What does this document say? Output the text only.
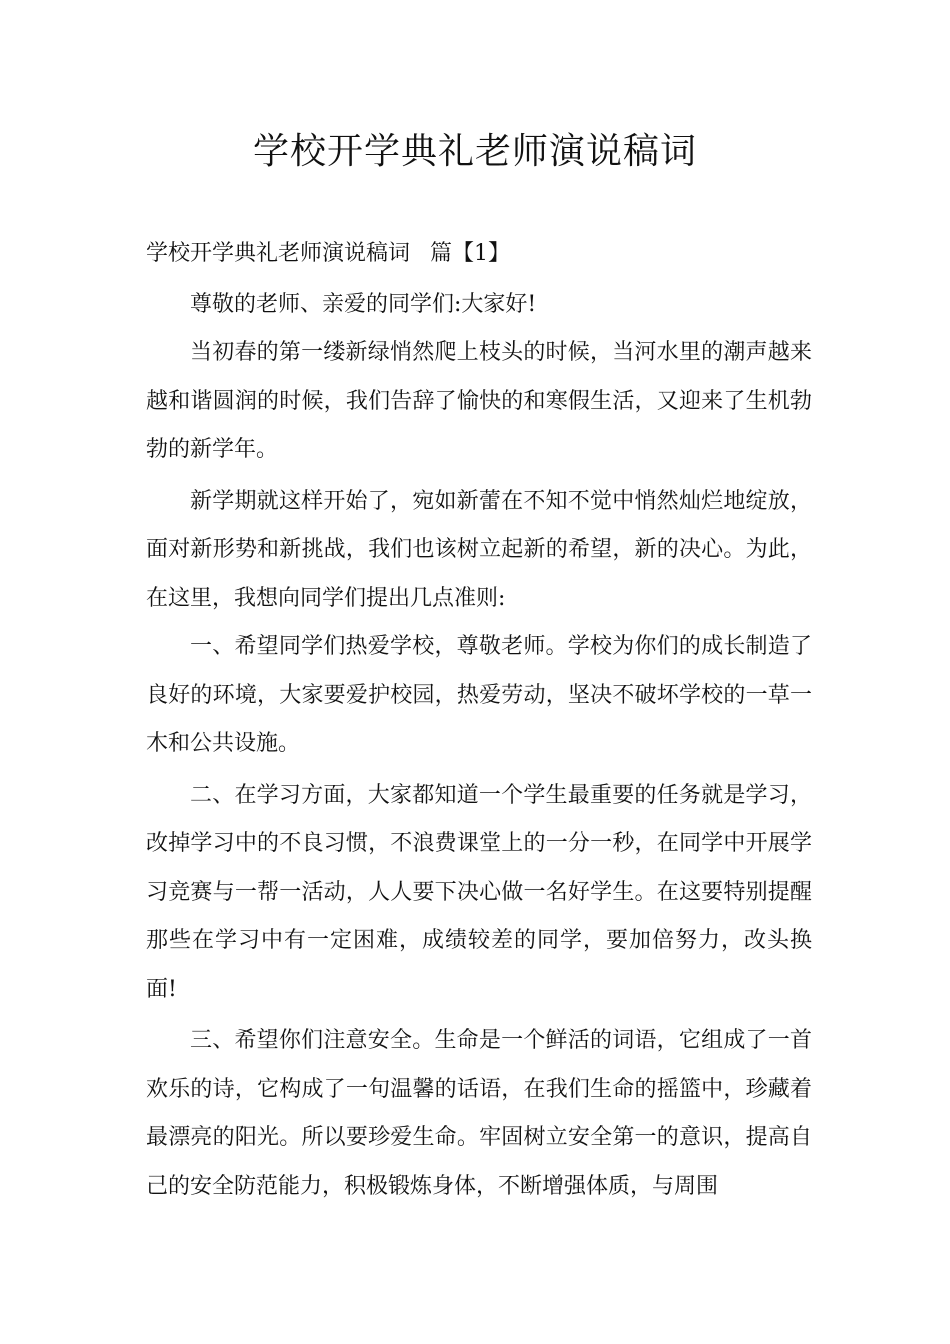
学校开学典礼老师演说稿词

学校开学典礼老师演说稿词 篇【1】

尊敬的老师、亲爱的同学们:大家好!

当初春的第一缕新绿悄然爬上枝头的时候，当河水里的潮声越来越和谐圆润的时候，我们告辞了愉快的和寒假生活，又迎来了生机勃勃的新学年。

新学期就这样开始了，宛如新蕾在不知不觉中悄然灿烂地绽放，面对新形势和新挑战，我们也该树立起新的希望，新的决心。为此，在这里，我想向同学们提出几点准则:

一、希望同学们热爱学校，尊敬老师。学校为你们的成长制造了良好的环境，大家要爱护校园，热爱劳动，坚决不破坏学校的一草一木和公共设施。

二、在学习方面，大家都知道一个学生最重要的任务就是学习，改掉学习中的不良习惯，不浪费课堂上的一分一秒，在同学中开展学习竞赛与一帮一活动，人人要下决心做一名好学生。在这要特别提醒那些在学习中有一定困难，成绩较差的同学，要加倍努力，改头换面!

三、希望你们注意安全。生命是一个鲜活的词语，它组成了一首欢乐的诗，它构成了一句温馨的话语，在我们生命的摇篮中，珍藏着最漂亮的阳光。所以要珍爱生命。牢固树立安全第一的意识，提高自己的安全防范能力，积极锻炼身体，不断增强体质，与周围
